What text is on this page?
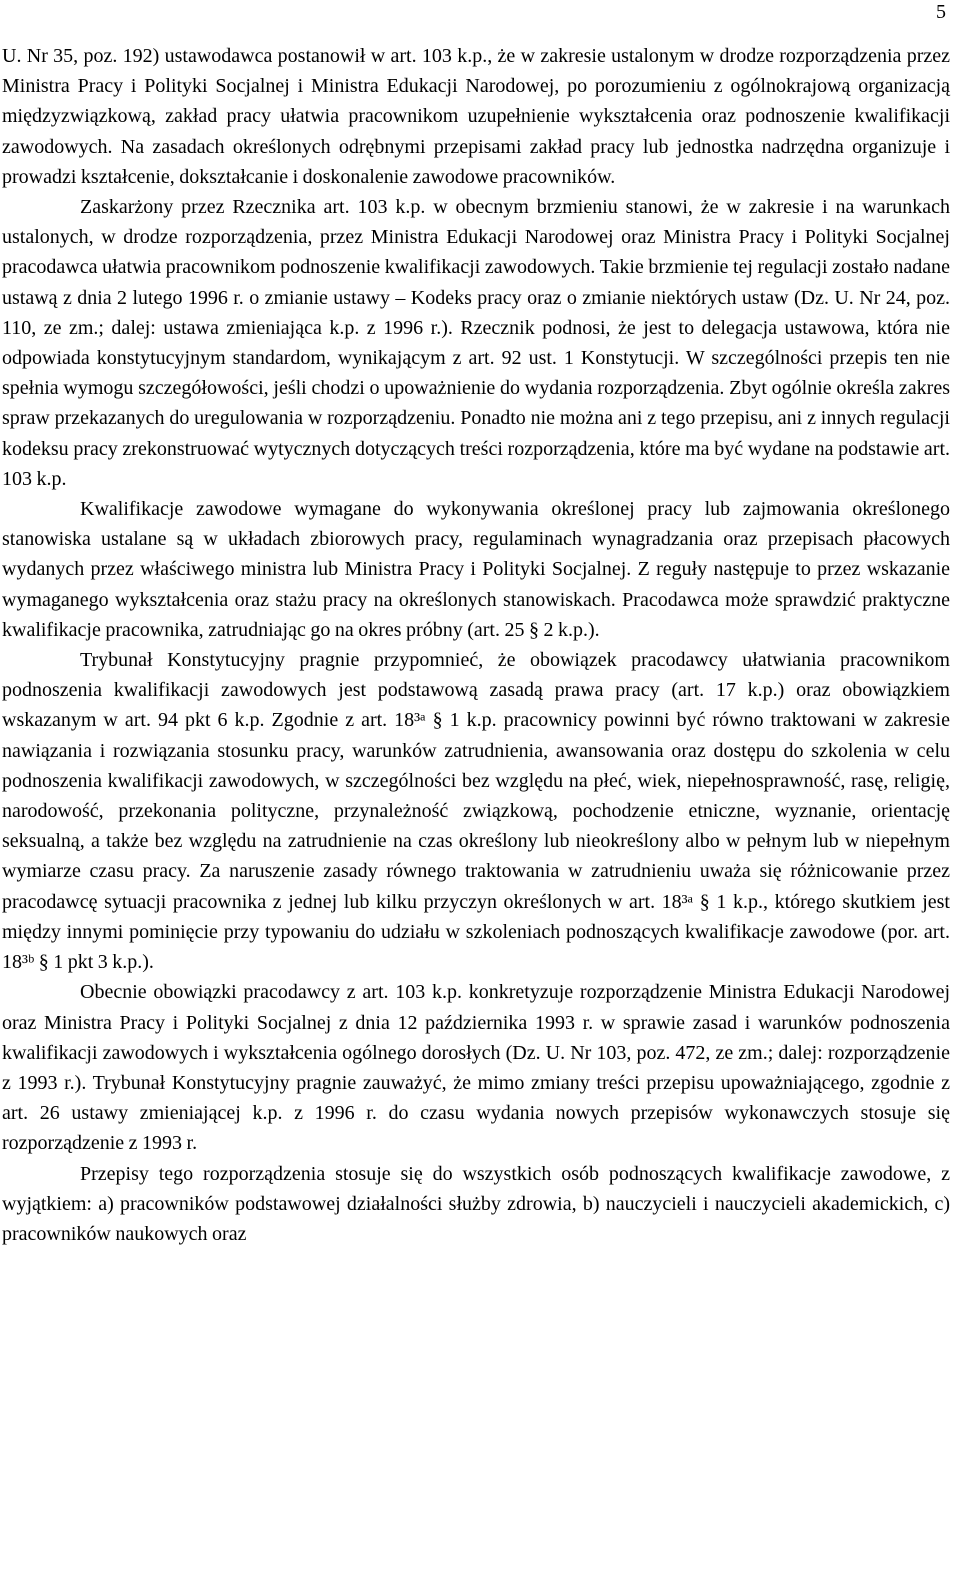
5

U. Nr 35, poz. 192) ustawodawca postanowił w art. 103 k.p., że w zakresie ustalonym w drodze rozporządzenia przez Ministra Pracy i Polityki Socjalnej i Ministra Edukacji Narodowej, po porozumieniu z ogólnokrajową organizacją międzyzwiązkową, zakład pracy ułatwia pracownikom uzupełnienie wykształcenia oraz podnoszenie kwalifikacji zawodowych. Na zasadach określonych odrębnymi przepisami zakład pracy lub jednostka nadrzędna organizuje i prowadzi kształcenie, dokształcanie i doskonalenie zawodowe pracowników.

Zaskarżony przez Rzecznika art. 103 k.p. w obecnym brzmieniu stanowi, że w zakresie i na warunkach ustalonych, w drodze rozporządzenia, przez Ministra Edukacji Narodowej oraz Ministra Pracy i Polityki Socjalnej pracodawca ułatwia pracownikom podnoszenie kwalifikacji zawodowych. Takie brzmienie tej regulacji zostało nadane ustawą z dnia 2 lutego 1996 r. o zmianie ustawy – Kodeks pracy oraz o zmianie niektórych ustaw (Dz. U. Nr 24, poz. 110, ze zm.; dalej: ustawa zmieniająca k.p. z 1996 r.). Rzecznik podnosi, że jest to delegacja ustawowa, która nie odpowiada konstytucyjnym standardom, wynikającym z art. 92 ust. 1 Konstytucji. W szczególności przepis ten nie spełnia wymogu szczegółowości, jeśli chodzi o upoważnienie do wydania rozporządzenia. Zbyt ogólnie określa zakres spraw przekazanych do uregulowania w rozporządzeniu. Ponadto nie można ani z tego przepisu, ani z innych regulacji kodeksu pracy zrekonstruować wytycznych dotyczących treści rozporządzenia, które ma być wydane na podstawie art. 103 k.p.

Kwalifikacje zawodowe wymagane do wykonywania określonej pracy lub zajmowania określonego stanowiska ustalane są w układach zbiorowych pracy, regulaminach wynagradzania oraz przepisach płacowych wydanych przez właściwego ministra lub Ministra Pracy i Polityki Socjalnej. Z reguły następuje to przez wskazanie wymaganego wykształcenia oraz stażu pracy na określonych stanowiskach. Pracodawca może sprawdzić praktyczne kwalifikacje pracownika, zatrudniając go na okres próbny (art. 25 § 2 k.p.).

Trybunał Konstytucyjny pragnie przypomnieć, że obowiązek pracodawcy ułatwiania pracownikom podnoszenia kwalifikacji zawodowych jest podstawową zasadą prawa pracy (art. 17 k.p.) oraz obowiązkiem wskazanym w art. 94 pkt 6 k.p. Zgodnie z art. 18³ᵃ § 1 k.p. pracownicy powinni być równo traktowani w zakresie nawiązania i rozwiązania stosunku pracy, warunków zatrudnienia, awansowania oraz dostępu do szkolenia w celu podnoszenia kwalifikacji zawodowych, w szczególności bez względu na płeć, wiek, niepełnosprawność, rasę, religię, narodowość, przekonania polityczne, przynależność związkową, pochodzenie etniczne, wyznanie, orientację seksualną, a także bez względu na zatrudnienie na czas określony lub nieokreślony albo w pełnym lub w niepełnym wymiarze czasu pracy. Za naruszenie zasady równego traktowania w zatrudnieniu uważa się różnicowanie przez pracodawcę sytuacji pracownika z jednej lub kilku przyczyn określonych w art. 18³ᵃ § 1 k.p., którego skutkiem jest między innymi pominięcie przy typowaniu do udziału w szkoleniach podnoszących kwalifikacje zawodowe (por. art. 18³ᵇ § 1 pkt 3 k.p.).

Obecnie obowiązki pracodawcy z art. 103 k.p. konkretyzuje rozporządzenie Ministra Edukacji Narodowej oraz Ministra Pracy i Polityki Socjalnej z dnia 12 października 1993 r. w sprawie zasad i warunków podnoszenia kwalifikacji zawodowych i wykształcenia ogólnego dorosłych (Dz. U. Nr 103, poz. 472, ze zm.; dalej: rozporządzenie z 1993 r.). Trybunał Konstytucyjny pragnie zauważyć, że mimo zmiany treści przepisu upoważniającego, zgodnie z art. 26 ustawy zmieniającej k.p. z 1996 r. do czasu wydania nowych przepisów wykonawczych stosuje się rozporządzenie z 1993 r.

Przepisy tego rozporządzenia stosuje się do wszystkich osób podnoszących kwalifikacje zawodowe, z wyjątkiem: a) pracowników podstawowej działalności służby zdrowia, b) nauczycieli i nauczycieli akademickich, c) pracowników naukowych oraz
